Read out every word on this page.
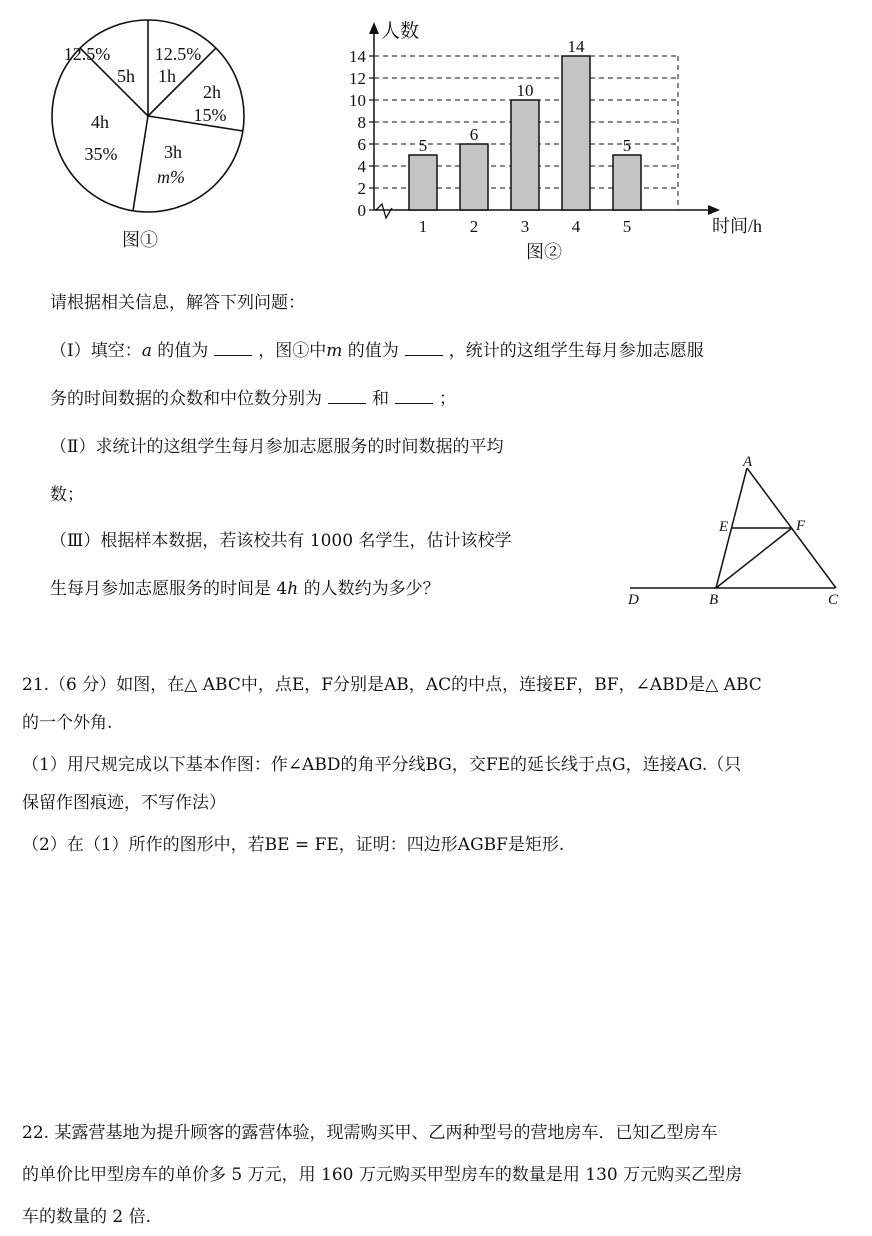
12.5%
5h
12.5%
1h
2h
15%
4h
35%	3h
m%
图①
0
2
4
6
8
10
12
14
5
1
6
2
10
3
14
4
5
5
人数
时间/h
图②
请根据相关信息，解答下列问题：
（Ⅰ）填空：a 的值为	，图①中m 的值为	，统计的这组学生每月参加志愿服
务的时间数据的众数和中位数分别为	和	；
（Ⅱ）求统计的这组学生每月参加志愿服务的时间数据的平均
数；
（Ⅲ）根据样本数据，若该校共有 1000 名学生，估计该校学
生每月参加志愿服务的时间是 4h 的人数约为多少？
A
E	F
D	B	C
21.（6 分）如图，在△ ABC中，点E，F分别是AB，AC的中点，连接EF，BF，∠ABD是△ ABC
的一个外角.
（1）用尺规完成以下基本作图：作∠ABD的角平分线BG，交FE的延长线于点G，连接AG.（只
保留作图痕迹，不写作法）
（2）在（1）所作的图形中，若BE = FE，证明：四边形AGBF是矩形.
22. 某露营基地为提升顾客的露营体验，现需购买甲、乙两种型号的营地房车．已知乙型房车
的单价比甲型房车的单价多 5 万元，用 160 万元购买甲型房车的数量是用 130 万元购买乙型房
车的数量的 2 倍.
